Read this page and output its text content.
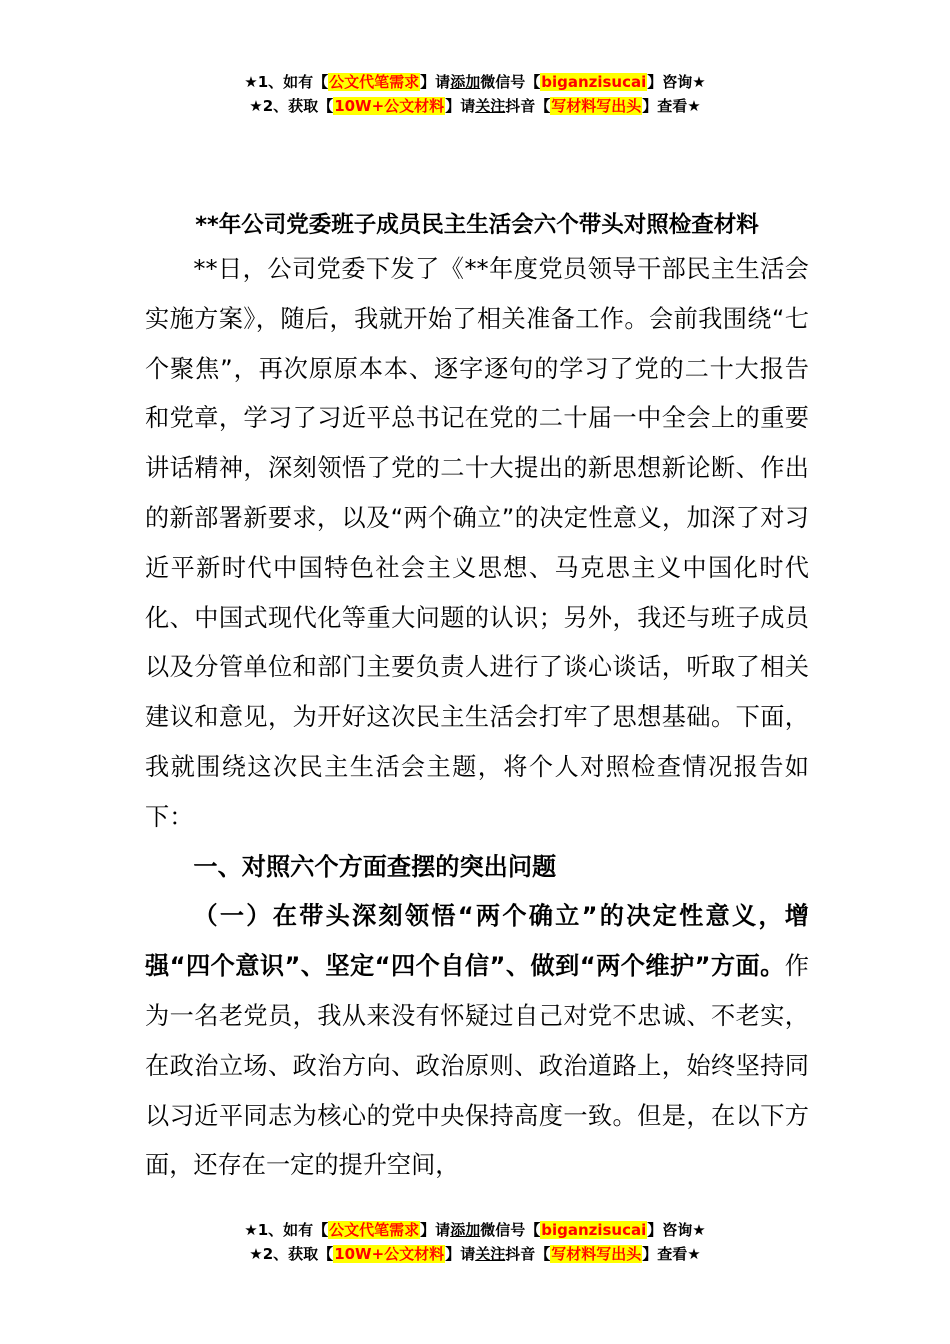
★1、如有【公文代笔需求】请添加微信号【biganzisucai】咨询★
★2、获取【10W+公文材料】请关注抖音【写材料写出头】查看★
**年公司党委班子成员民主生活会六个带头对照检查材料

**日，公司党委下发了《**年度党员领导干部民主生活会实施方案》，随后，我就开始了相关准备工作。会前我围绕“七个聚焦”，再次原原本本、逐字逐句的学习了党的二十大报告和党章，学习了习近平总书记在党的二十届一中全会上的重要讲话精神，深刻领悟了党的二十大提出的新思想新论断、作出的新部署新要求，以及“两个确立”的决定性意义，加深了对习近平新时代中国特色社会主义思想、马克思主义中国化时代化、中国式现代化等重大问题的认识；另外，我还与班子成员以及分管单位和部门主要负责人进行了谈心谈话，听取了相关建议和意见，为开好这次民主生活会打牢了思想基础。下面，我就围绕这次民主生活会主题，将个人对照检查情况报告如下：

一、对照六个方面查摆的突出问题

（一）在带头深刻领悟“两个确立”的决定性意义，增强“四个意识”、坚定“四个自信”、做到“两个维护”方面。作为一名老党员，我从来没有怀疑过自己对党不忠诚、不老实，在政治立场、政治方向、政治原则、政治道路上，始终坚持同以习近平同志为核心的党中央保持高度一致。但是，在以下方面，还存在一定的提升空间，

★1、如有【公文代笔需求】请添加微信号【biganzisucai】咨询★
★2、获取【10W+公文材料】请关注抖音【写材料写出头】查看★
